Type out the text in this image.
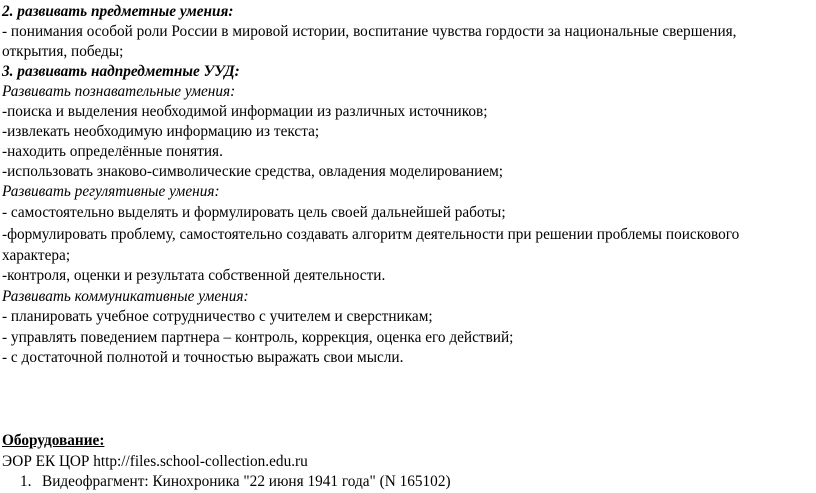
2. развивать предметные умения:
- понимания особой роли России в мировой истории, воспитание чувства гордости за национальные свершения,
открытия, победы;
3. развивать надпредметные УУД:
Развивать познавательные умения:
-поиска и выделения необходимой информации из различных источников;
-извлекать необходимую информацию из текста;
-находить определённые понятия.
-использовать знаково-символические средства, овладения моделированием;
Развивать регулятивные умения:
- самостоятельно выделять и формулировать цель своей дальнейшей работы;
-формулировать проблему, самостоятельно создавать алгоритм деятельности при решении проблемы поискового
характера;
-контроля, оценки и результата собственной деятельности.
Развивать коммуникативные умения:
- планировать учебное сотрудничество с учителем и сверстникам;
- управлять поведением партнера – контроль, коррекция, оценка его действий;
- с достаточной полнотой и точностью выражать свои мысли.
Оборудование:
ЭОР ЕК ЦОР http://files.school-collection.edu.ru
1. Видеофрагмент: Кинохроника "22 июня 1941 года" (N 165102)
